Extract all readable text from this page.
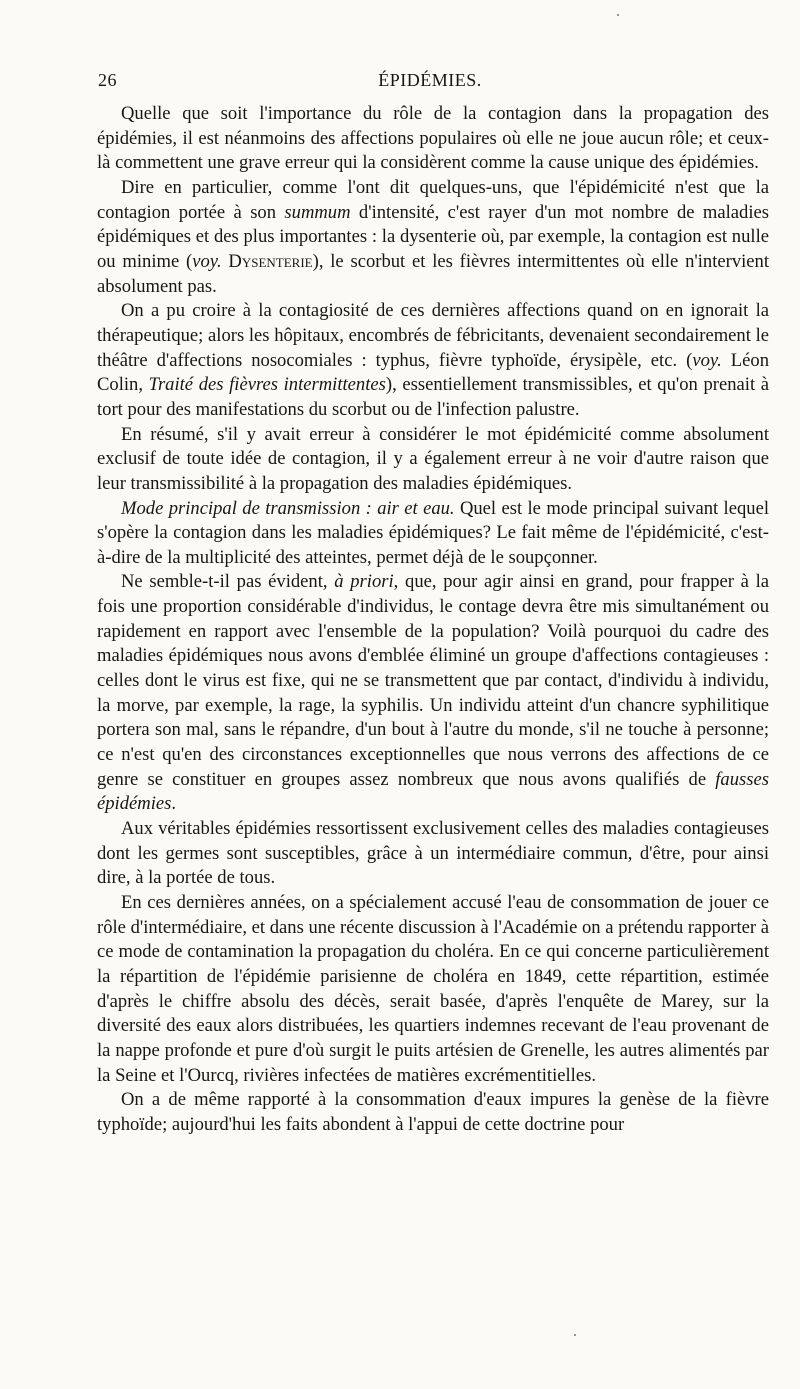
26	ÉPIDÉMIES.

Quelle que soit l'importance du rôle de la contagion dans la propagation des épidémies, il est néanmoins des affections populaires où elle ne joue aucun rôle; et ceux-là commettent une grave erreur qui la considèrent comme la cause unique des épidémies.

Dire en particulier, comme l'ont dit quelques-uns, que l'épidémicité n'est que la contagion portée à son summum d'intensité, c'est rayer d'un mot nombre de maladies épidémiques et des plus importantes : la dysenterie où, par exemple, la contagion est nulle ou minime (voy. Dysenterie), le scorbut et les fièvres intermittentes où elle n'intervient absolument pas.

On a pu croire à la contagiosité de ces dernières affections quand on en ignorait la thérapeutique; alors les hôpitaux, encombrés de fébricitants, devenaient secondairement le théâtre d'affections nosocomiales : typhus, fièvre typhoïde, érysipèle, etc. (voy. Léon Colin, Traité des fièvres intermittentes), essentiellement transmissibles, et qu'on prenait à tort pour des manifestations du scorbut ou de l'infection palustre.

En résumé, s'il y avait erreur à considérer le mot épidémicité comme absolument exclusif de toute idée de contagion, il y a également erreur à ne voir d'autre raison que leur transmissibilité à la propagation des maladies épidémiques.

Mode principal de transmission : air et eau. Quel est le mode principal suivant lequel s'opère la contagion dans les maladies épidémiques? Le fait même de l'épidémicité, c'est-à-dire de la multiplicité des atteintes, permet déjà de le soupçonner.

Ne semble-t-il pas évident, à priori, que, pour agir ainsi en grand, pour frapper à la fois une proportion considérable d'individus, le contage devra être mis simultanément ou rapidement en rapport avec l'ensemble de la population? Voilà pourquoi du cadre des maladies épidémiques nous avons d'emblée éliminé un groupe d'affections contagieuses : celles dont le virus est fixe, qui ne se transmettent que par contact, d'individu à individu, la morve, par exemple, la rage, la syphilis. Un individu atteint d'un chancre syphilitique portera son mal, sans le répandre, d'un bout à l'autre du monde, s'il ne touche à personne; ce n'est qu'en des circonstances exceptionnelles que nous verrons des affections de ce genre se constituer en groupes assez nombreux que nous avons qualifiés de fausses épidémies.

Aux véritables épidémies ressortissent exclusivement celles des maladies contagieuses dont les germes sont susceptibles, grâce à un intermédiaire commun, d'être, pour ainsi dire, à la portée de tous.

En ces dernières années, on a spécialement accusé l'eau de consommation de jouer ce rôle d'intermédiaire, et dans une récente discussion à l'Académie on a prétendu rapporter à ce mode de contamination la propagation du choléra. En ce qui concerne particulièrement la répartition de l'épidémie parisienne de choléra en 1849, cette répartition, estimée d'après le chiffre absolu des décès, serait basée, d'après l'enquête de Marey, sur la diversité des eaux alors distribuées, les quartiers indemnes recevant de l'eau provenant de la nappe profonde et pure d'où surgit le puits artésien de Grenelle, les autres alimentés par la Seine et l'Ourcq, rivières infectées de matières excrémentitielles.

On a de même rapporté à la consommation d'eaux impures la genèse de la fièvre typhoïde; aujourd'hui les faits abondent à l'appui de cette doctrine pour
